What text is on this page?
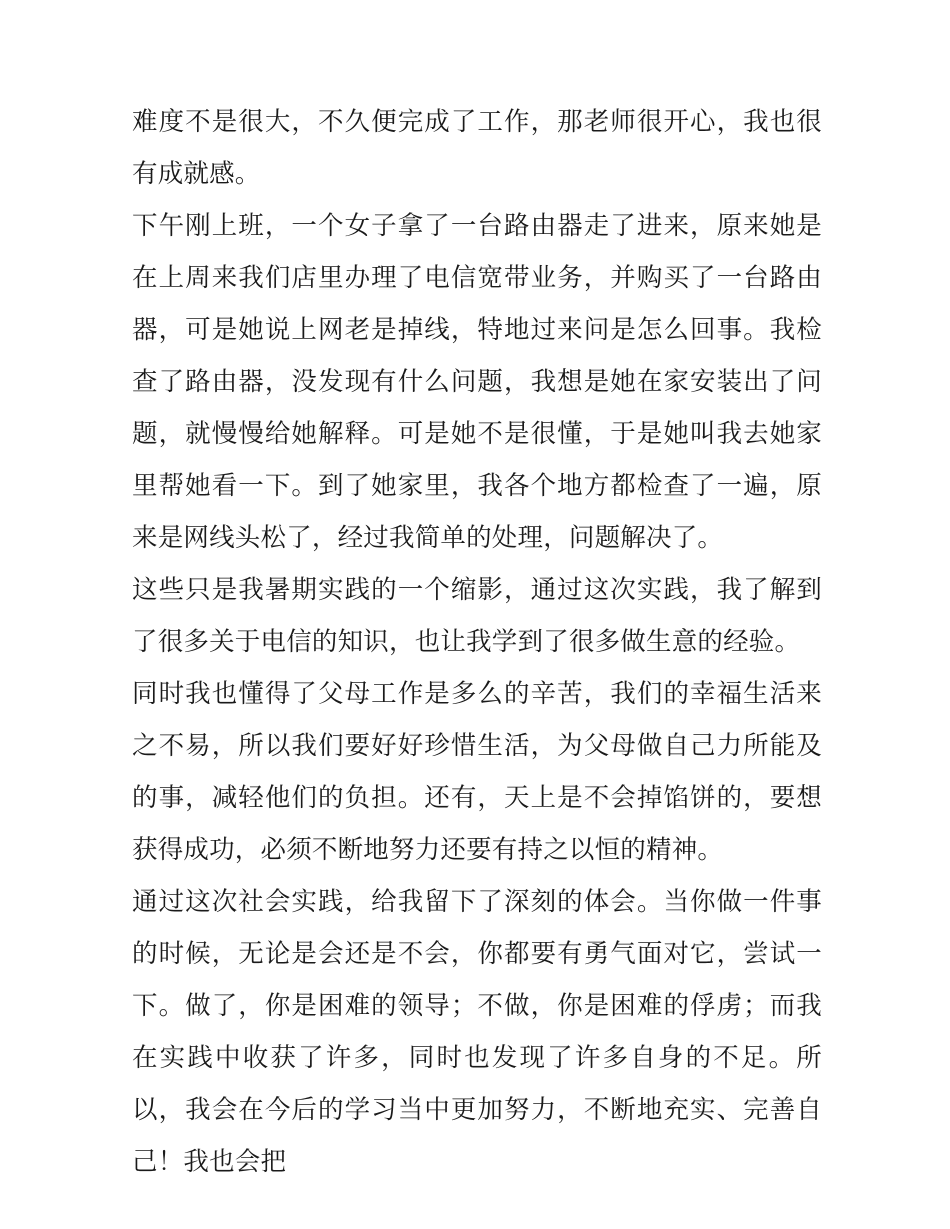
难度不是很大，不久便完成了工作，那老师很开心，我也很有成就感。

下午刚上班，一个女子拿了一台路由器走了进来，原来她是在上周来我们店里办理了电信宽带业务，并购买了一台路由器，可是她说上网老是掉线，特地过来问是怎么回事。我检查了路由器，没发现有什么问题，我想是她在家安装出了问题，就慢慢给她解释。可是她不是很懂，于是她叫我去她家里帮她看一下。到了她家里，我各个地方都检查了一遍，原来是网线头松了，经过我简单的处理，问题解决了。

这些只是我暑期实践的一个缩影，通过这次实践，我了解到了很多关于电信的知识，也让我学到了很多做生意的经验。

同时我也懂得了父母工作是多么的辛苦，我们的幸福生活来之不易，所以我们要好好珍惜生活，为父母做自己力所能及的事，减轻他们的负担。还有，天上是不会掉馅饼的，要想获得成功，必须不断地努力还要有持之以恒的精神。

通过这次社会实践，给我留下了深刻的体会。当你做一件事的时候，无论是会还是不会，你都要有勇气面对它，尝试一下。做了，你是困难的领导；不做，你是困难的俘虏；而我在实践中收获了许多，同时也发现了许多自身的不足。所以，我会在今后的学习当中更加努力，不断地充实、完善自己！我也会把
